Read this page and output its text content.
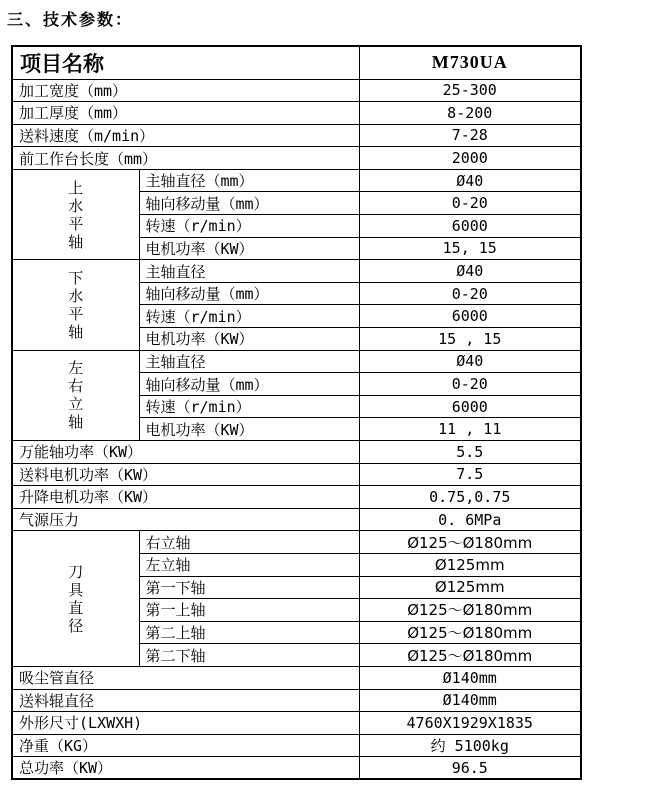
三、技术参数：
项目名称		M730UA
加工宽度（mm）		25-300
加工厚度（mm）		8-200
送料速度（m/min）		7-28
前工作台长度（mm）		2000

上水平轴	主轴直径（mm）	Ø40
	轴向移动量（mm）	0-20
	转速（r/min）	6000
	电机功率（KW）	15, 15

下水平轴	主轴直径	Ø40
	轴向移动量（mm）	0-20
	转速（r/min）	6000
	电机功率（KW）	15 , 15

左右立轴	主轴直径	Ø40
	轴向移动量（mm）	0-20
	转速（r/min）	6000
	电机功率（KW）	11 , 11
万能轴功率（KW）		5.5
送料电机功率（KW）		7.5
升降电机功率（KW）		0.75,0.75
气源压力		0. 6MPa

刀具直径	右立轴	Ø125～Ø180mm
	左立轴	Ø125mm
	第一下轴	Ø125mm
	第一上轴	Ø125～Ø180mm
	第二上轴	Ø125～Ø180mm
	第二下轴	Ø125～Ø180mm
吸尘管直径		Ø140mm
送料辊直径		Ø140mm
外形尺寸(LXWXH)		4760X1929X1835
净重（KG）		约 5100kg
总功率（KW）		96.5
